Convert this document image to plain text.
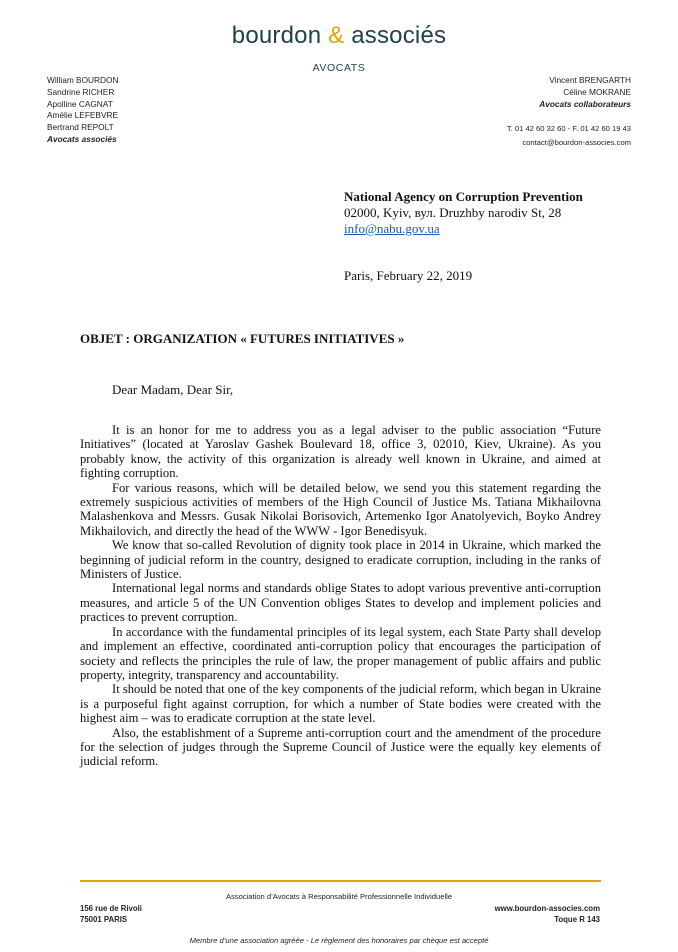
bourdon & associés
AVOCATS
William BOURDON
Sandrine RICHER
Apolline CAGNAT
Amélie LEFEBVRE
Bertrand REPOLT
Avocats associés
Vincent BRENGARTH
Céline MOKRANE
Avocats collaborateurs
T. 01 42 60 32 60 - F. 01 42 60 19 43
contact@bourdon-associes.com
National Agency on Corruption Prevention
02000, Kyiv, вул. Druzhby narodiv St, 28
info@nabu.gov.ua
Paris, February 22, 2019
OBJET : ORGANIZATION « FUTURES INITIATIVES »
Dear Madam, Dear Sir,

It is an honor for me to address you as a legal adviser to the public association “Future Initiatives” (located at Yaroslav Gashek Boulevard 18, office 3, 02010, Kiev, Ukraine). As you probably know, the activity of this organization is already well known in Ukraine, and aimed at fighting corruption.

For various reasons, which will be detailed below, we send you this statement regarding the extremely suspicious activities of members of the High Council of Justice Ms. Tatiana Mikhailovna Malashenkova and Messrs. Gusak Nikolai Borisovich, Artemenko Igor Anatolyevich, Boyko Andrey Mikhailovich, and directly the head of the WWW - Igor Benedisyuk.

We know that so-called Revolution of dignity took place in 2014 in Ukraine, which marked the beginning of judicial reform in the country, designed to eradicate corruption, including in the ranks of Ministers of Justice.

International legal norms and standards oblige States to adopt various preventive anti-corruption measures, and article 5 of the UN Convention obliges States to develop and implement policies and practices to prevent corruption.

In accordance with the fundamental principles of its legal system, each State Party shall develop and implement an effective, coordinated anti-corruption policy that encourages the participation of society and reflects the principles the rule of law, the proper management of public affairs and public property, integrity, transparency and accountability.

It should be noted that one of the key components of the judicial reform, which began in Ukraine is a purposeful fight against corruption, for which a number of State bodies were created with the highest aim – was to eradicate corruption at the state level.

Also, the establishment of a Supreme anti-corruption court and the amendment of the procedure for the selection of judges through the Supreme Council of Justice were the equally key elements of judicial reform.

Association d’Avocats à Responsabilité Professionnelle Individuelle
156 rue de Rivoli
75001 PARIS
www.bourdon-associes.com
Toque R 143
Membre d’une association agréée - Le règlement des honoraires par chèque est accepté
